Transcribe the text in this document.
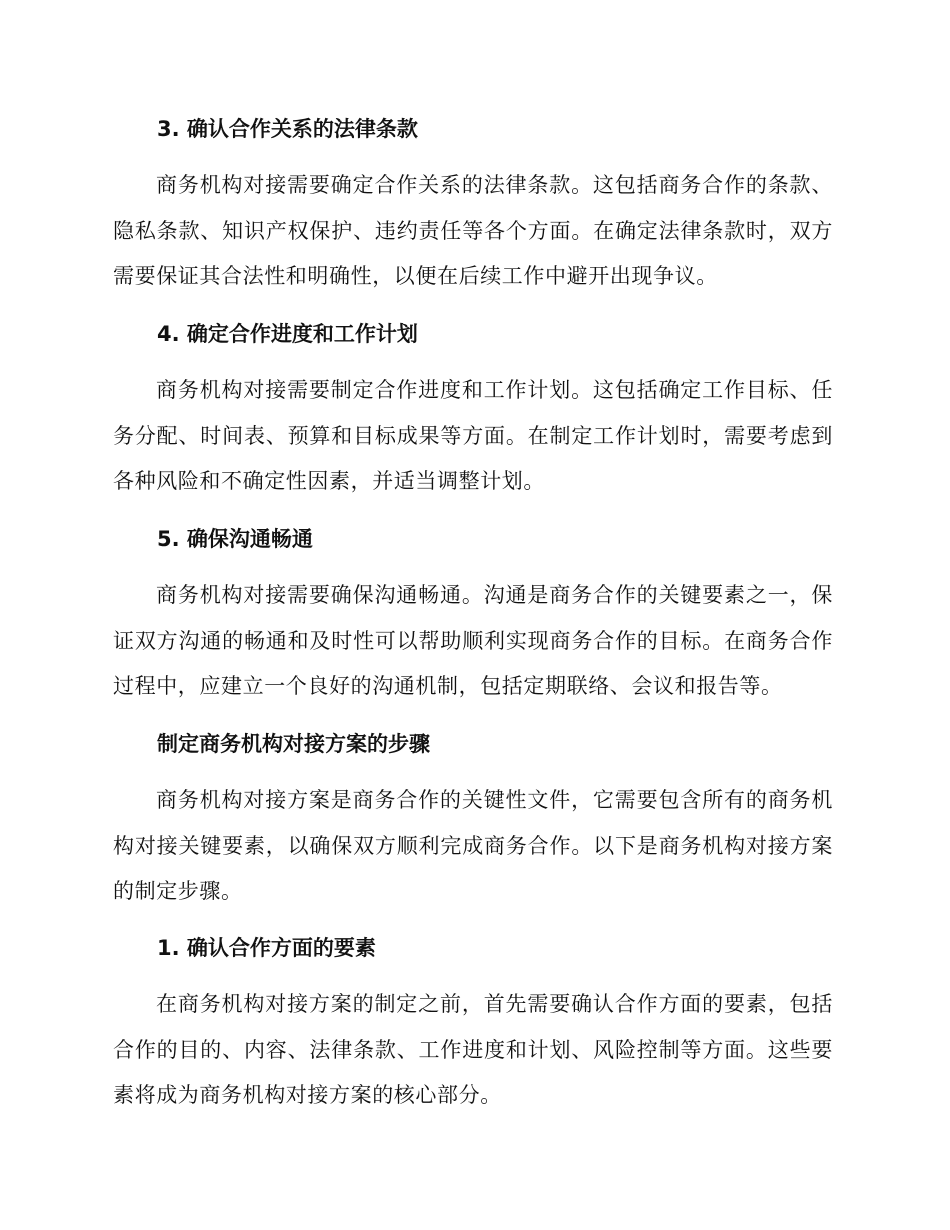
3. 确认合作关系的法律条款

商务机构对接需要确定合作关系的法律条款。这包括商务合作的条款、隐私条款、知识产权保护、违约责任等各个方面。在确定法律条款时，双方需要保证其合法性和明确性，以便在后续工作中避开出现争议。

4. 确定合作进度和工作计划

商务机构对接需要制定合作进度和工作计划。这包括确定工作目标、任务分配、时间表、预算和目标成果等方面。在制定工作计划时，需要考虑到各种风险和不确定性因素，并适当调整计划。

5. 确保沟通畅通

商务机构对接需要确保沟通畅通。沟通是商务合作的关键要素之一，保证双方沟通的畅通和及时性可以帮助顺利实现商务合作的目标。在商务合作过程中，应建立一个良好的沟通机制，包括定期联络、会议和报告等。

制定商务机构对接方案的步骤

商务机构对接方案是商务合作的关键性文件，它需要包含所有的商务机构对接关键要素，以确保双方顺利完成商务合作。以下是商务机构对接方案的制定步骤。

1. 确认合作方面的要素

在商务机构对接方案的制定之前，首先需要确认合作方面的要素，包括合作的目的、内容、法律条款、工作进度和计划、风险控制等方面。这些要素将成为商务机构对接方案的核心部分。
